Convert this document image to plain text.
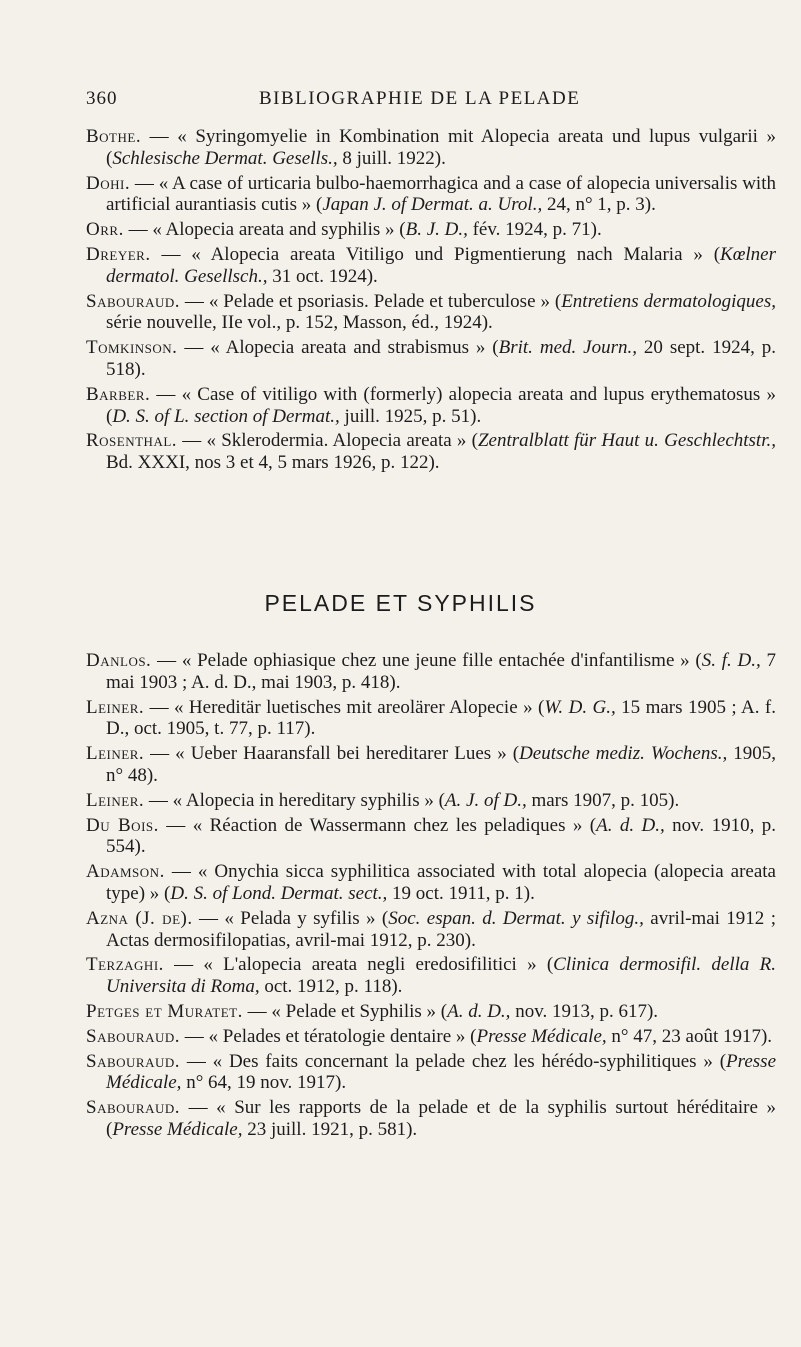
360	BIBLIOGRAPHIE DE LA PELADE

Bothe. — « Syringomyelie in Kombination mit Alopecia areata und lupus vulgarii » (Schlesische Dermat. Gesells., 8 juill. 1922).

Dohi. — « A case of urticaria bulbo-haemorrhagica and a case of alopecia universalis with artificial aurantiasis cutis » (Japan J. of Dermat. a. Urol., 24, n° 1, p. 3).

Orr. — « Alopecia areata and syphilis » (B. J. D., fév. 1924, p. 71).

Dreyer. — « Alopecia areata Vitiligo und Pigmentierung nach Malaria » (Kœlner dermatol. Gesellsch., 31 oct. 1924).

Sabouraud. — « Pelade et psoriasis. Pelade et tuberculose » (Entretiens dermatologiques, série nouvelle, IIe vol., p. 152, Masson, éd., 1924).

Tomkinson. — « Alopecia areata and strabismus » (Brit. med. Journ., 20 sept. 1924, p. 518).

Barber. — « Case of vitiligo with (formerly) alopecia areata and lupus erythematosus » (D. S. of L. section of Dermat., juill. 1925, p. 51).

Rosenthal. — « Sklerodermia. Alopecia areata » (Zentralblatt für Haut u. Geschlechtstr., Bd. XXXI, nos 3 et 4, 5 mars 1926, p. 122).

PELADE ET SYPHILIS

Danlos. — « Pelade ophiasique chez une jeune fille entachée d'infantilisme » (S. f. D., 7 mai 1903 ; A. d. D., mai 1903, p. 418).

Leiner. — « Hereditär luetisches mit areolärer Alopecie » (W. D. G., 15 mars 1905 ; A. f. D., oct. 1905, t. 77, p. 117).

Leiner. — « Ueber Haaransfall bei hereditarer Lues » (Deutsche mediz. Wochens., 1905, n° 48).

Leiner. — « Alopecia in hereditary syphilis » (A. J. of D., mars 1907, p. 105).

Du Bois. — « Réaction de Wassermann chez les peladiques » (A. d. D., nov. 1910, p. 554).

Adamson. — « Onychia sicca syphilitica associated with total alopecia (alopecia areata type) » (D. S. of Lond. Dermat. sect., 19 oct. 1911, p. 1).

Azna (J. de). — « Pelada y syfilis » (Soc. espan. d. Dermat. y sifilog., avril-mai 1912 ; Actas dermosifilopatias, avril-mai 1912, p. 230).

Terzaghi. — « L'alopecia areata negli eredosifilitici » (Clinica dermosifil. della R. Universita di Roma, oct. 1912, p. 118).

Petges et Muratet. — « Pelade et Syphilis » (A. d. D., nov. 1913, p. 617).

Sabouraud. — « Pelades et tératologie dentaire » (Presse Médicale, n° 47, 23 août 1917).

Sabouraud. — « Des faits concernant la pelade chez les hérédo-syphilitiques » (Presse Médicale, n° 64, 19 nov. 1917).

Sabouraud. — « Sur les rapports de la pelade et de la syphilis surtout héréditaire » (Presse Médicale, 23 juill. 1921, p. 581).
